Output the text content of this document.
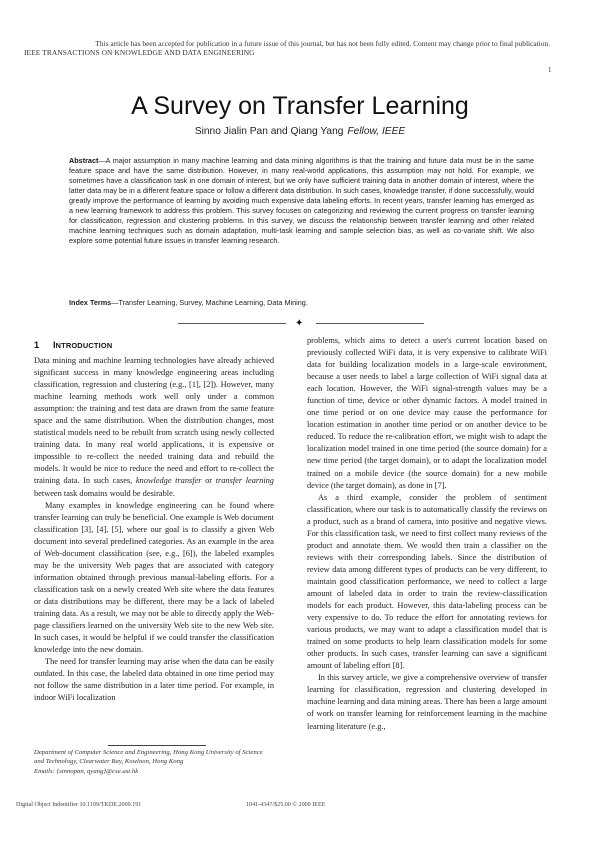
This article has been accepted for publication in a future issue of this journal, but has not been fully edited. Content may change prior to final publication.
IEEE TRANSACTIONS ON KNOWLEDGE AND DATA ENGINEERING
1
A Survey on Transfer Learning
Sinno Jialin Pan and Qiang Yang Fellow, IEEE
Abstract—A major assumption in many machine learning and data mining algorithms is that the training and future data must be in the same feature space and have the same distribution. However, in many real-world applications, this assumption may not hold. For example, we sometimes have a classification task in one domain of interest, but we only have sufficient training data in another domain of interest, where the latter data may be in a different feature space or follow a different data distribution. In such cases, knowledge transfer, if done successfully, would greatly improve the performance of learning by avoiding much expensive data labeling efforts. In recent years, transfer learning has emerged as a new learning framework to address this problem. This survey focuses on categorizing and reviewing the current progress on transfer learning for classification, regression and clustering problems. In this survey, we discuss the relationship between transfer learning and other related machine learning techniques such as domain adaptation, multi-task learning and sample selection bias, as well as co-variate shift. We also explore some potential future issues in transfer learning research.
Index Terms—Transfer Learning, Survey, Machine Learning, Data Mining.
✦
1 INTRODUCTION

Data mining and machine learning technologies have already achieved significant success in many knowledge engineering areas including classification, regression and clustering (e.g., [1], [2]). However, many machine learning methods work well only under a common assumption: the training and test data are drawn from the same feature space and the same distribution. When the distribution changes, most statistical models need to be rebuilt from scratch using newly collected training data. In many real world applications, it is expensive or impossible to re-collect the needed training data and rebuild the models. It would be nice to reduce the need and effort to re-collect the training data. In such cases, knowledge transfer or transfer learning between task domains would be desirable.

Many examples in knowledge engineering can be found where transfer learning can truly be beneficial. One example is Web document classification [3], [4], [5], where our goal is to classify a given Web document into several predefined categories. As an example in the area of Web-document classification (see, e.g., [6]), the labeled examples may be the university Web pages that are associated with category information obtained through previous manual-labeling efforts. For a classification task on a newly created Web site where the data features or data distributions may be different, there may be a lack of labeled training data. As a result, we may not be able to directly apply the Web-page classifiers learned on the university Web site to the new Web site. In such cases, it would be helpful if we could transfer the classification knowledge into the new domain.

The need for transfer learning may arise when the data can be easily outdated. In this case, the labeled data obtained in one time period may not follow the same distribution in a later time period. For example, in indoor WiFi localization

Department of Computer Science and Engineering, Hong Kong University of Science and Technology, Clearwater Bay, Kowloon, Hong Kong
Emails: {sinnopan, qyang}@cse.ust.hk

problems, which aims to detect a user's current location based on previously collected WiFi data, it is very expensive to calibrate WiFi data for building localization models in a large-scale environment, because a user needs to label a large collection of WiFi signal data at each location. However, the WiFi signal-strength values may be a function of time, device or other dynamic factors. A model trained in one time period or on one device may cause the performance for location estimation in another time period or on another device to be reduced. To reduce the re-calibration effort, we might wish to adapt the localization model trained in one time period (the source domain) for a new time period (the target domain), or to adapt the localization model trained on a mobile device (the source domain) for a new mobile device (the target domain), as done in [7].

As a third example, consider the problem of sentiment classification, where our task is to automatically classify the reviews on a product, such as a brand of camera, into positive and negative views. For this classification task, we need to first collect many reviews of the product and annotate them. We would then train a classifier on the reviews with their corresponding labels. Since the distribution of review data among different types of products can be very different, to maintain good classification performance, we need to collect a large amount of labeled data in order to train the review-classification models for each product. However, this data-labeling process can be very expensive to do. To reduce the effort for annotating reviews for various products, we may want to adapt a classification model that is trained on some products to help learn classification models for some other products. In such cases, transfer learning can save a significant amount of labeling effort [8].

In this survey article, we give a comprehensive overview of transfer learning for classification, regression and clustering developed in machine learning and data mining areas. There has been a large amount of work on transfer learning for reinforcement learning in the machine learning literature (e.g.,

Digital Object Indentifier 10.1109/TKDE.2009.191	1041-4347/$25.00 © 2009 IEEE
